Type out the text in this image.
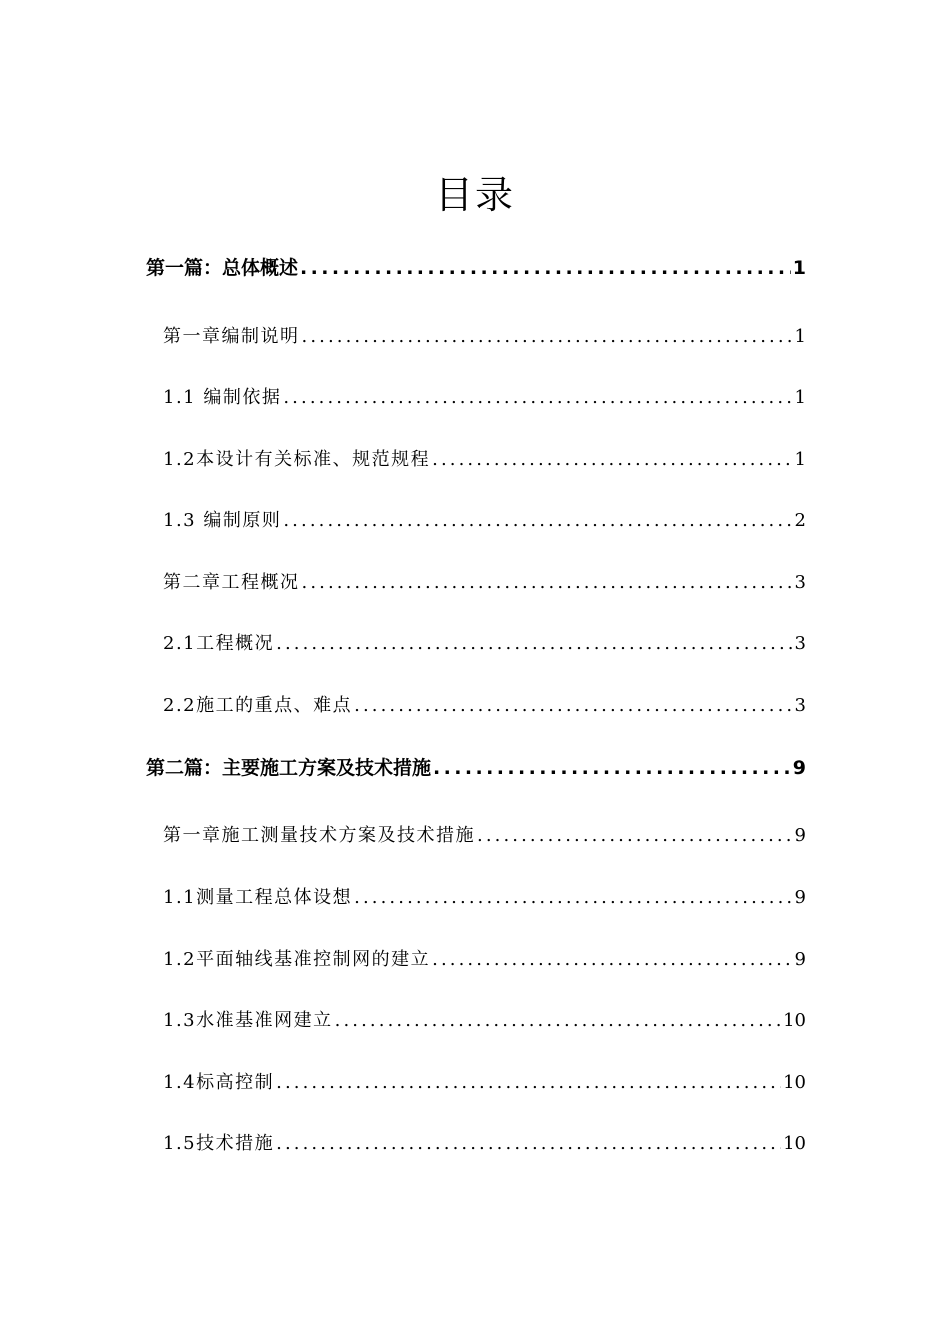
目录
第一篇：总体概述 .....	1
第一章编制说明 .....	1
1.1 编制依据 .....	1
1.2本设计有关标准、规范规程 .....	1
1.3 编制原则 .....	2
第二章工程概况 .....	3
2.1工程概况 .....	3
2.2施工的重点、难点 .....	3
第二篇：主要施工方案及技术措施 .....	9
第一章施工测量技术方案及技术措施 .....	9
1.1测量工程总体设想 .....	9
1.2平面轴线基准控制网的建立 .....	9
1.3水准基准网建立 .....	10
1.4标高控制 .....	10
1.5技术措施 .....	10
